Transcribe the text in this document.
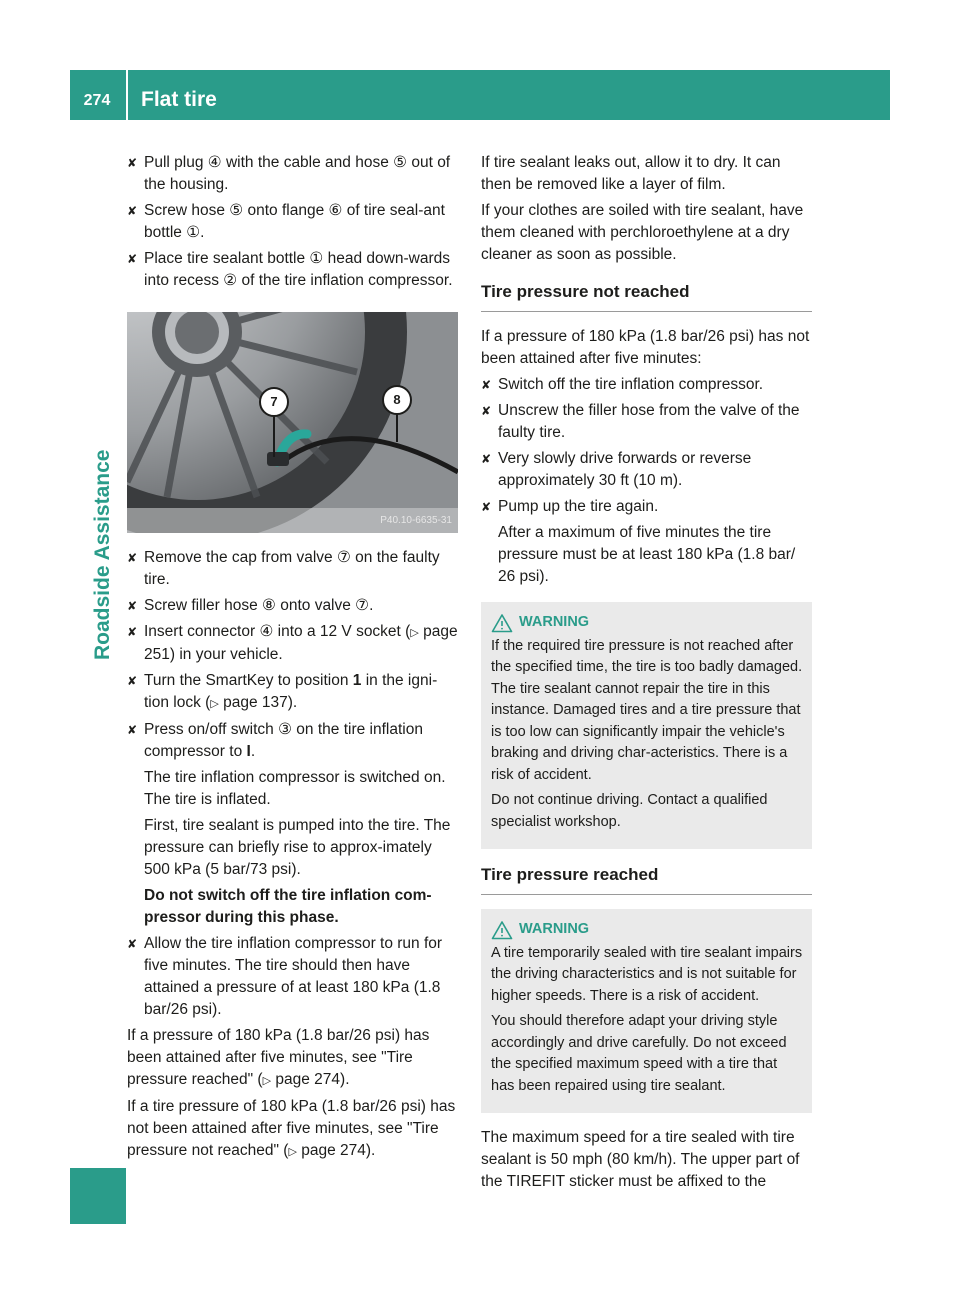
274	Flat tire
Roadside Assistance
✘ Pull plug ④ with the cable and hose ⑤ out of the housing.
✘ Screw hose ⑤ onto flange ⑥ of tire seal-ant bottle ①.
✘ Place tire sealant bottle ① head down-wards into recess ② of the tire inflation compressor.
7	8
P40.10-6635-31
✘ Remove the cap from valve ⑦ on the faulty tire.
✘ Screw filler hose ⑧ onto valve ⑦.
✘ Insert connector ④ into a 12 V socket (▷ page 251) in your vehicle.
✘ Turn the SmartKey to position 1 in the igni-tion lock (▷ page 137).
✘ Press on/off switch ③ on the tire inflation compressor to I.

The tire inflation compressor is switched on. The tire is inflated.

First, tire sealant is pumped into the tire. The pressure can briefly rise to approx-imately 500 kPa (5 bar/73 psi).

Do not switch off the tire inflation com-pressor during this phase.

✘ Allow the tire inflation compressor to run for five minutes. The tire should then have attained a pressure of at least 180 kPa (1.8 bar/26 psi).

If a pressure of 180 kPa (1.8 bar/26 psi) has been attained after five minutes, see "Tire pressure reached" (▷ page 274).

If a tire pressure of 180 kPa (1.8 bar/26 psi) has not been attained after five minutes, see "Tire pressure not reached" (▷ page 274).

If tire sealant leaks out, allow it to dry. It can then be removed like a layer of film.

If your clothes are soiled with tire sealant, have them cleaned with perchloroethylene at a dry cleaner as soon as possible.

Tire pressure not reached

If a pressure of 180 kPa (1.8 bar/26 psi) has not been attained after five minutes:

✘ Switch off the tire inflation compressor.
✘ Unscrew the filler hose from the valve of the faulty tire.
✘ Very slowly drive forwards or reverse approximately 30 ft (10 m).
✘ Pump up the tire again.

After a maximum of five minutes the tire pressure must be at least 180 kPa (1.8 bar/ 26 psi).

WARNING

If the required tire pressure is not reached after the specified time, the tire is too badly damaged. The tire sealant cannot repair the tire in this instance. Damaged tires and a tire pressure that is too low can significantly impair the vehicle's braking and driving char-acteristics. There is a risk of accident.

Do not continue driving. Contact a qualified specialist workshop.

Tire pressure reached
WARNING

A tire temporarily sealed with tire sealant impairs the driving characteristics and is not suitable for higher speeds. There is a risk of accident.

You should therefore adapt your driving style accordingly and drive carefully. Do not exceed the specified maximum speed with a tire that has been repaired using tire sealant.

The maximum speed for a tire sealed with tire sealant is 50 mph (80 km/h). The upper part of the TIREFIT sticker must be affixed to the
